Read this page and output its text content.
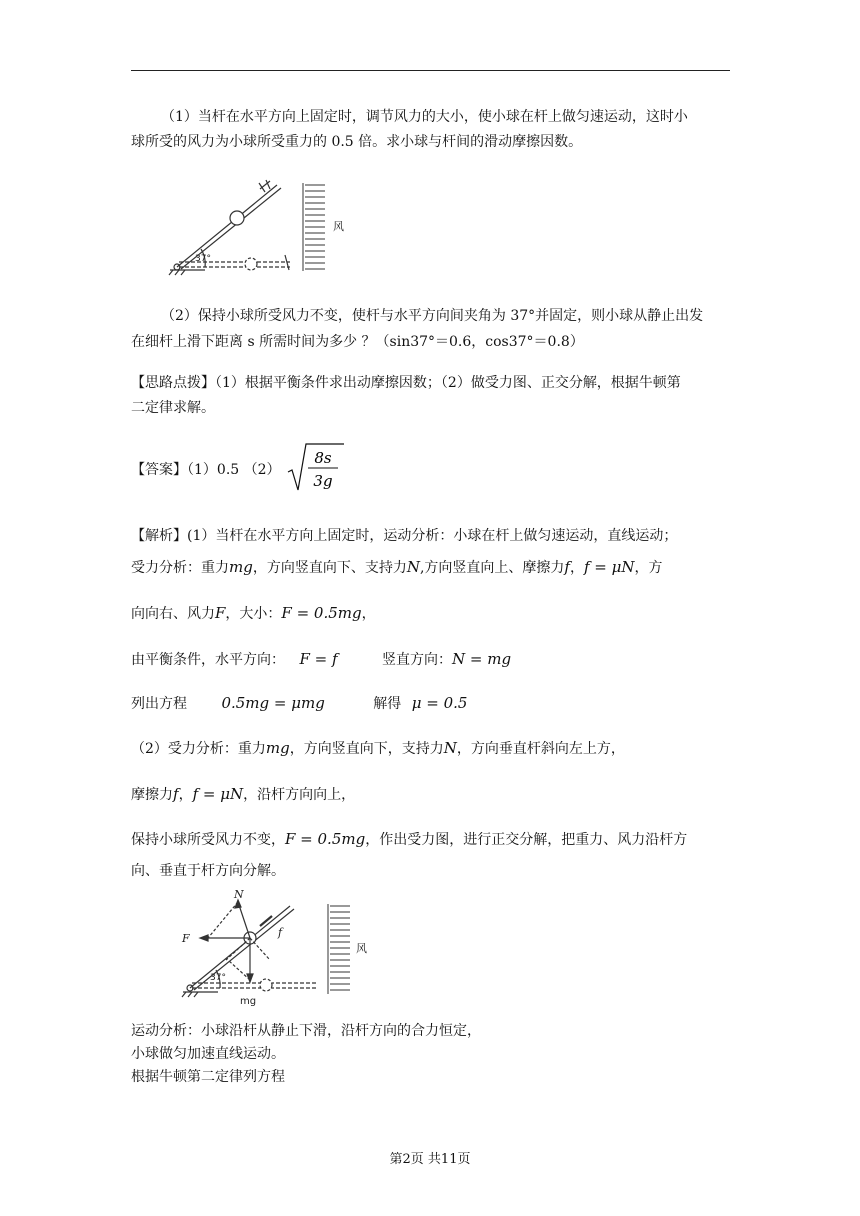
（1）当杆在水平方向上固定时，调节风力的大小，使小球在杆上做匀速运动，这时小
球所受的风力为小球所受重力的 0.5 倍。求小球与杆间的滑动摩擦因数。
37°
风
（2）保持小球所受风力不变，使杆与水平方向间夹角为 37°并固定，则小球从静止出发
在细杆上滑下距离 s 所需时间为多少 ？（sin37°＝0.6，cos37°＝0.8）
【思路点拨】（1）根据平衡条件求出动摩擦因数；（2）做受力图、正交分解，根据牛顿第
二定律求解。
【答案】（1）0.5 （2）
8s
3g
【解析】(1）当杆在水平方向上固定时，运动分析：小球在杆上做匀速运动，直线运动；
受力分析：重力mg，方向竖直向下、支持力N,方向竖直向上、摩擦力f，f = μN，方
向向右、风力F，大小：F = 0.5mg，
由平衡条件，水平方向： F = f	竖直方向：N = mg
列出方程 0.5mg = μmg	解得 μ = 0.5
（2）受力分析：重力mg，方向竖直向下，支持力N，方向垂直杆斜向左上方，
摩擦力f，f = μN，沿杆方向向上，
保持小球所受风力不变，F = 0.5mg，作出受力图，进行正交分解，把重力、风力沿杆方
向、垂直于杆方向分解。
N
F	f
37°
mg
风
运动分析：小球沿杆从静止下滑，沿杆方向的合力恒定，
小球做匀加速直线运动。
根据牛顿第二定律列方程
第2页 共11页
